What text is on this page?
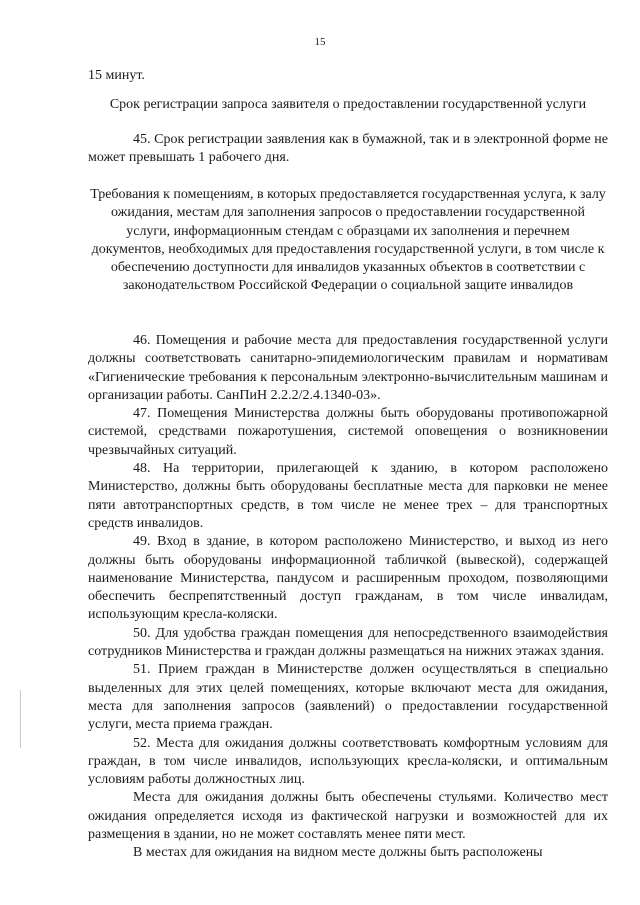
15
15 минут.
Срок регистрации запроса заявителя о предоставлении государственной услуги

45. Срок регистрации заявления как в бумажной, так и в электронной форме не может превышать 1 рабочего дня.

Требования к помещениям, в которых предоставляется государственная услуга, к залу ожидания, местам для заполнения запросов о предоставлении государственной услуги, информационным стендам с образцами их заполнения и перечнем документов, необходимых для предоставления государственной услуги, в том числе к обеспечению доступности для инвалидов указанных объектов в соответствии с законодательством Российской Федерации о социальной защите инвалидов

46. Помещения и рабочие места для предоставления государственной услуги должны соответствовать санитарно-эпидемиологическим правилам и нормативам «Гигиенические требования к персональным электронно-вычислительным машинам и организации работы. СанПиН 2.2.2/2.4.1340-03».

47. Помещения Министерства должны быть оборудованы противопожарной системой, средствами пожаротушения, системой оповещения о возникновении чрезвычайных ситуаций.

48. На территории, прилегающей к зданию, в котором расположено Министерство, должны быть оборудованы бесплатные места для парковки не менее пяти автотранспортных средств, в том числе не менее трех – для транспортных средств инвалидов.

49. Вход в здание, в котором расположено Министерство, и выход из него должны быть оборудованы информационной табличкой (вывеской), содержащей наименование Министерства, пандусом и расширенным проходом, позволяющими обеспечить беспрепятственный доступ гражданам, в том числе инвалидам, использующим кресла-коляски.

50. Для удобства граждан помещения для непосредственного взаимодействия сотрудников Министерства и граждан должны размещаться на нижних этажах здания.

51. Прием граждан в Министерстве должен осуществляться в специально выделенных для этих целей помещениях, которые включают места для ожидания, места для заполнения запросов (заявлений) о предоставлении государственной услуги, места приема граждан.

52. Места для ожидания должны соответствовать комфортным условиям для граждан, в том числе инвалидов, использующих кресла-коляски, и оптимальным условиям работы должностных лиц.

Места для ожидания должны быть обеспечены стульями. Количество мест ожидания определяется исходя из фактической нагрузки и возможностей для их размещения в здании, но не может составлять менее пяти мест.

В местах для ожидания на видном месте должны быть расположены
